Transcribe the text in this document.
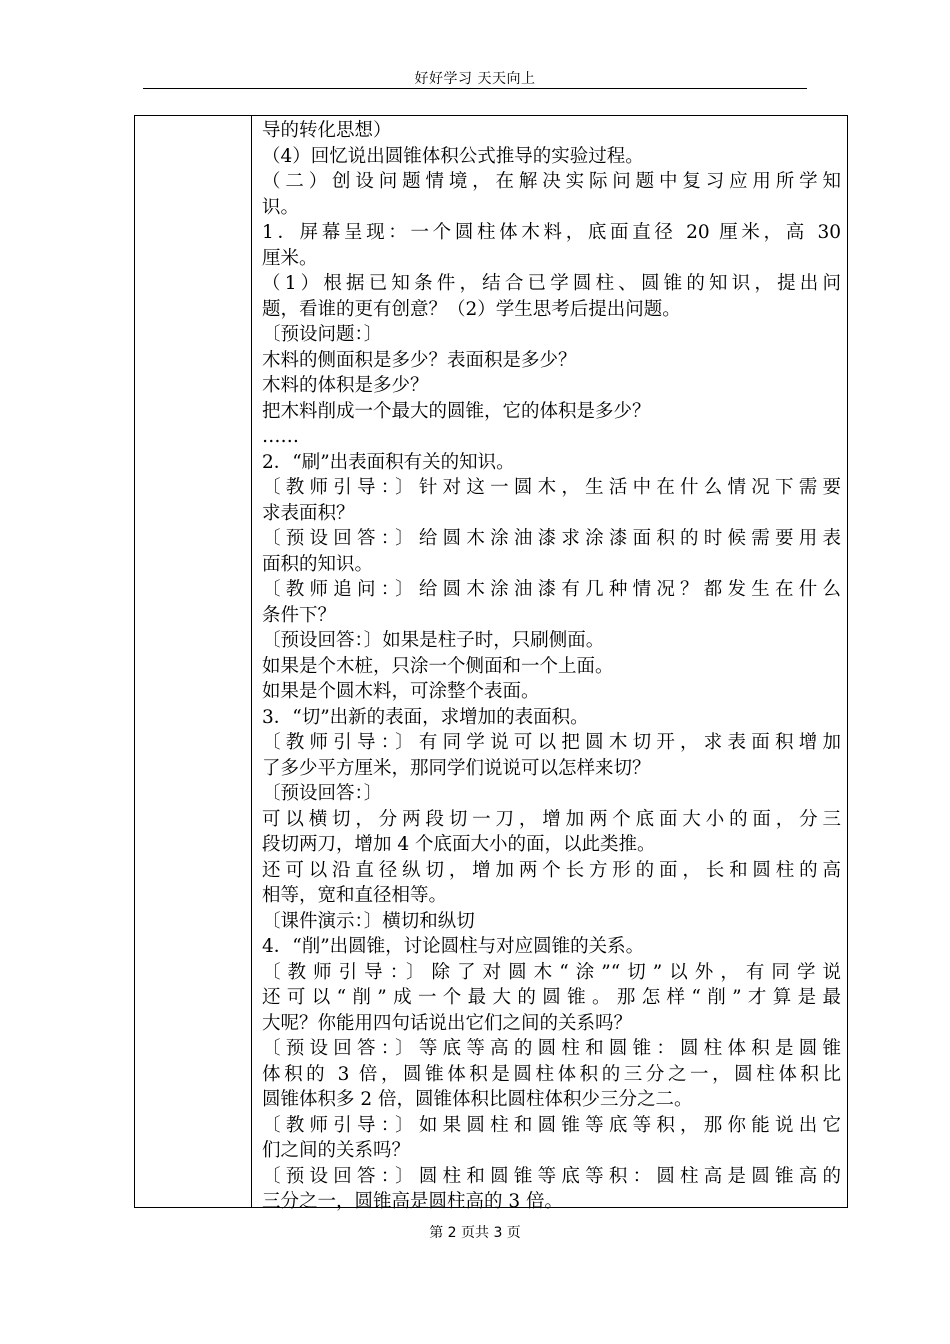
好好学习 天天向上
导的转化思想）
（4）回忆说出圆锥体积公式推导的实验过程。
（二）创设问题情境，在解决实际问题中复习应用所学知
识。
1．屏幕呈现：一个圆柱体木料，底面直径 20 厘米，高 30
厘米。
（1）根据已知条件，结合已学圆柱、圆锥的知识，提出问
题，看谁的更有创意？（2）学生思考后提出问题。
〔预设问题：〕
木料的侧面积是多少？表面积是多少？
木料的体积是多少？
把木料削成一个最大的圆锥，它的体积是多少？
……
2．“刷”出表面积有关的知识。
〔教师引导：〕针对这一圆木，生活中在什么情况下需要
求表面积？
〔预设回答：〕给圆木涂油漆求涂漆面积的时候需要用表
面积的知识。
〔教师追问：〕给圆木涂油漆有几种情况？都发生在什么
条件下？
〔预设回答：〕如果是柱子时，只刷侧面。
如果是个木桩，只涂一个侧面和一个上面。
如果是个圆木料，可涂整个表面。
3．“切”出新的表面，求增加的表面积。
〔教师引导：〕有同学说可以把圆木切开，求表面积增加
了多少平方厘米，那同学们说说可以怎样来切？
〔预设回答：〕
可以横切，分两段切一刀，增加两个底面大小的面，分三
段切两刀，增加 4 个底面大小的面，以此类推。
还可以沿直径纵切，增加两个长方形的面，长和圆柱的高
相等，宽和直径相等。
〔课件演示：〕横切和纵切
4．“削”出圆锥，讨论圆柱与对应圆锥的关系。
〔教师引导：〕除了对圆木“涂”“切”以外，有同学说
还可以“削”成一个最大的圆锥。那怎样“削”才算是最
大呢？你能用四句话说出它们之间的关系吗？
〔预设回答：〕等底等高的圆柱和圆锥：圆柱体积是圆锥
体积的 3 倍，圆锥体积是圆柱体积的三分之一，圆柱体积比
圆锥体积多 2 倍，圆锥体积比圆柱体积少三分之二。
〔教师引导：〕如果圆柱和圆锥等底等积，那你能说出它
们之间的关系吗？
〔预设回答：〕圆柱和圆锥等底等积：圆柱高是圆锥高的
三分之一，圆锥高是圆柱高的 3 倍。
第 2 页共 3 页
